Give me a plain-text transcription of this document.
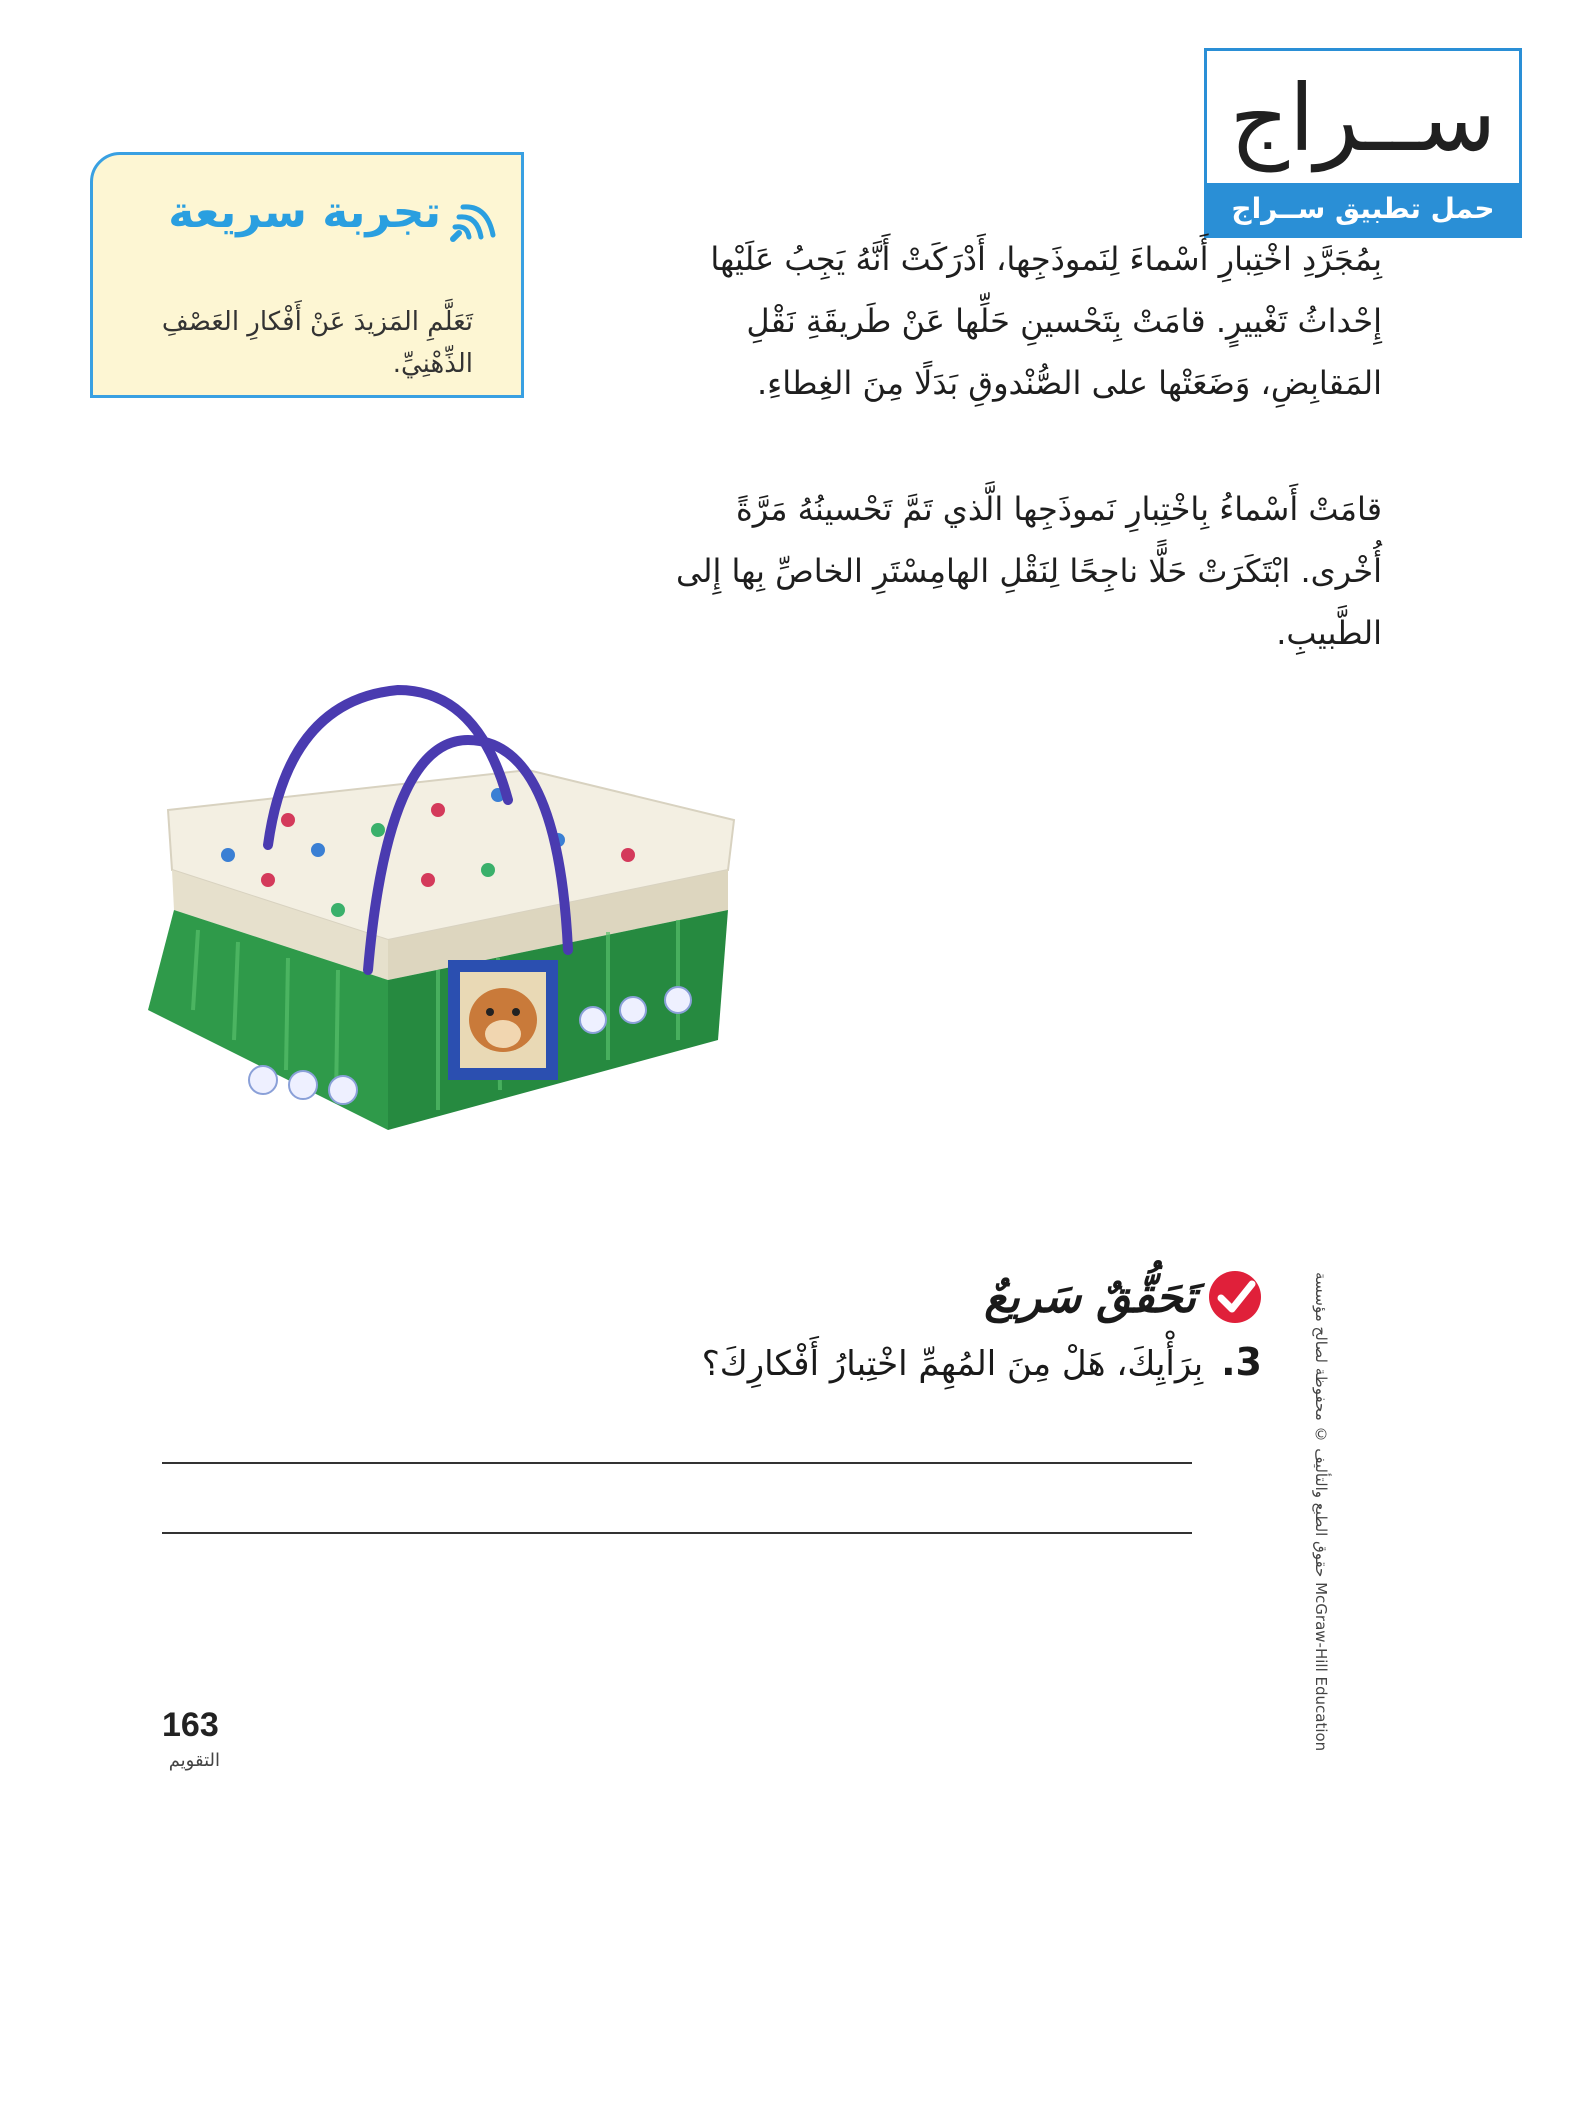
ســراج
حمل تطبيق ســراج
تجربة سريعة
تَعَلَّمِ المَزيدَ عَنْ أَفْكارِ العَصْفِ الذِّهْنِيِّ.
بِمُجَرَّدِ اخْتِبارِ أَسْماءَ لِنَموذَجِها، أَدْرَكَتْ أَنَّهُ يَجِبُ عَلَيْها إِحْداثُ تَغْييرٍ. قامَتْ بِتَحْسينِ حَلِّها عَنْ طَريقَةِ نَقْلِ المَقابِضِ، وَضَعَتْها على الصُّنْدوقِ بَدَلًا مِنَ الغِطاءِ.
قامَتْ أَسْماءُ بِاخْتِبارِ نَموذَجِها الَّذي تَمَّ تَحْسينُهُ مَرَّةً أُخْرى. ابْتَكَرَتْ حَلًّا ناجِحًا لِنَقْلِ الهامِسْتَرِ الخاصِّ بِها إِلى الطَّبيبِ.
تَحَقُّقٌ سَريعٌ
3.
بِرَأْيِكَ، هَلْ مِنَ المُهِمِّ اخْتِبارُ أَفْكارِكَ؟	حقوق الطبع والتأليف © محفوظة لصالح مؤسسة McGraw-Hill Education
163
التقويم
